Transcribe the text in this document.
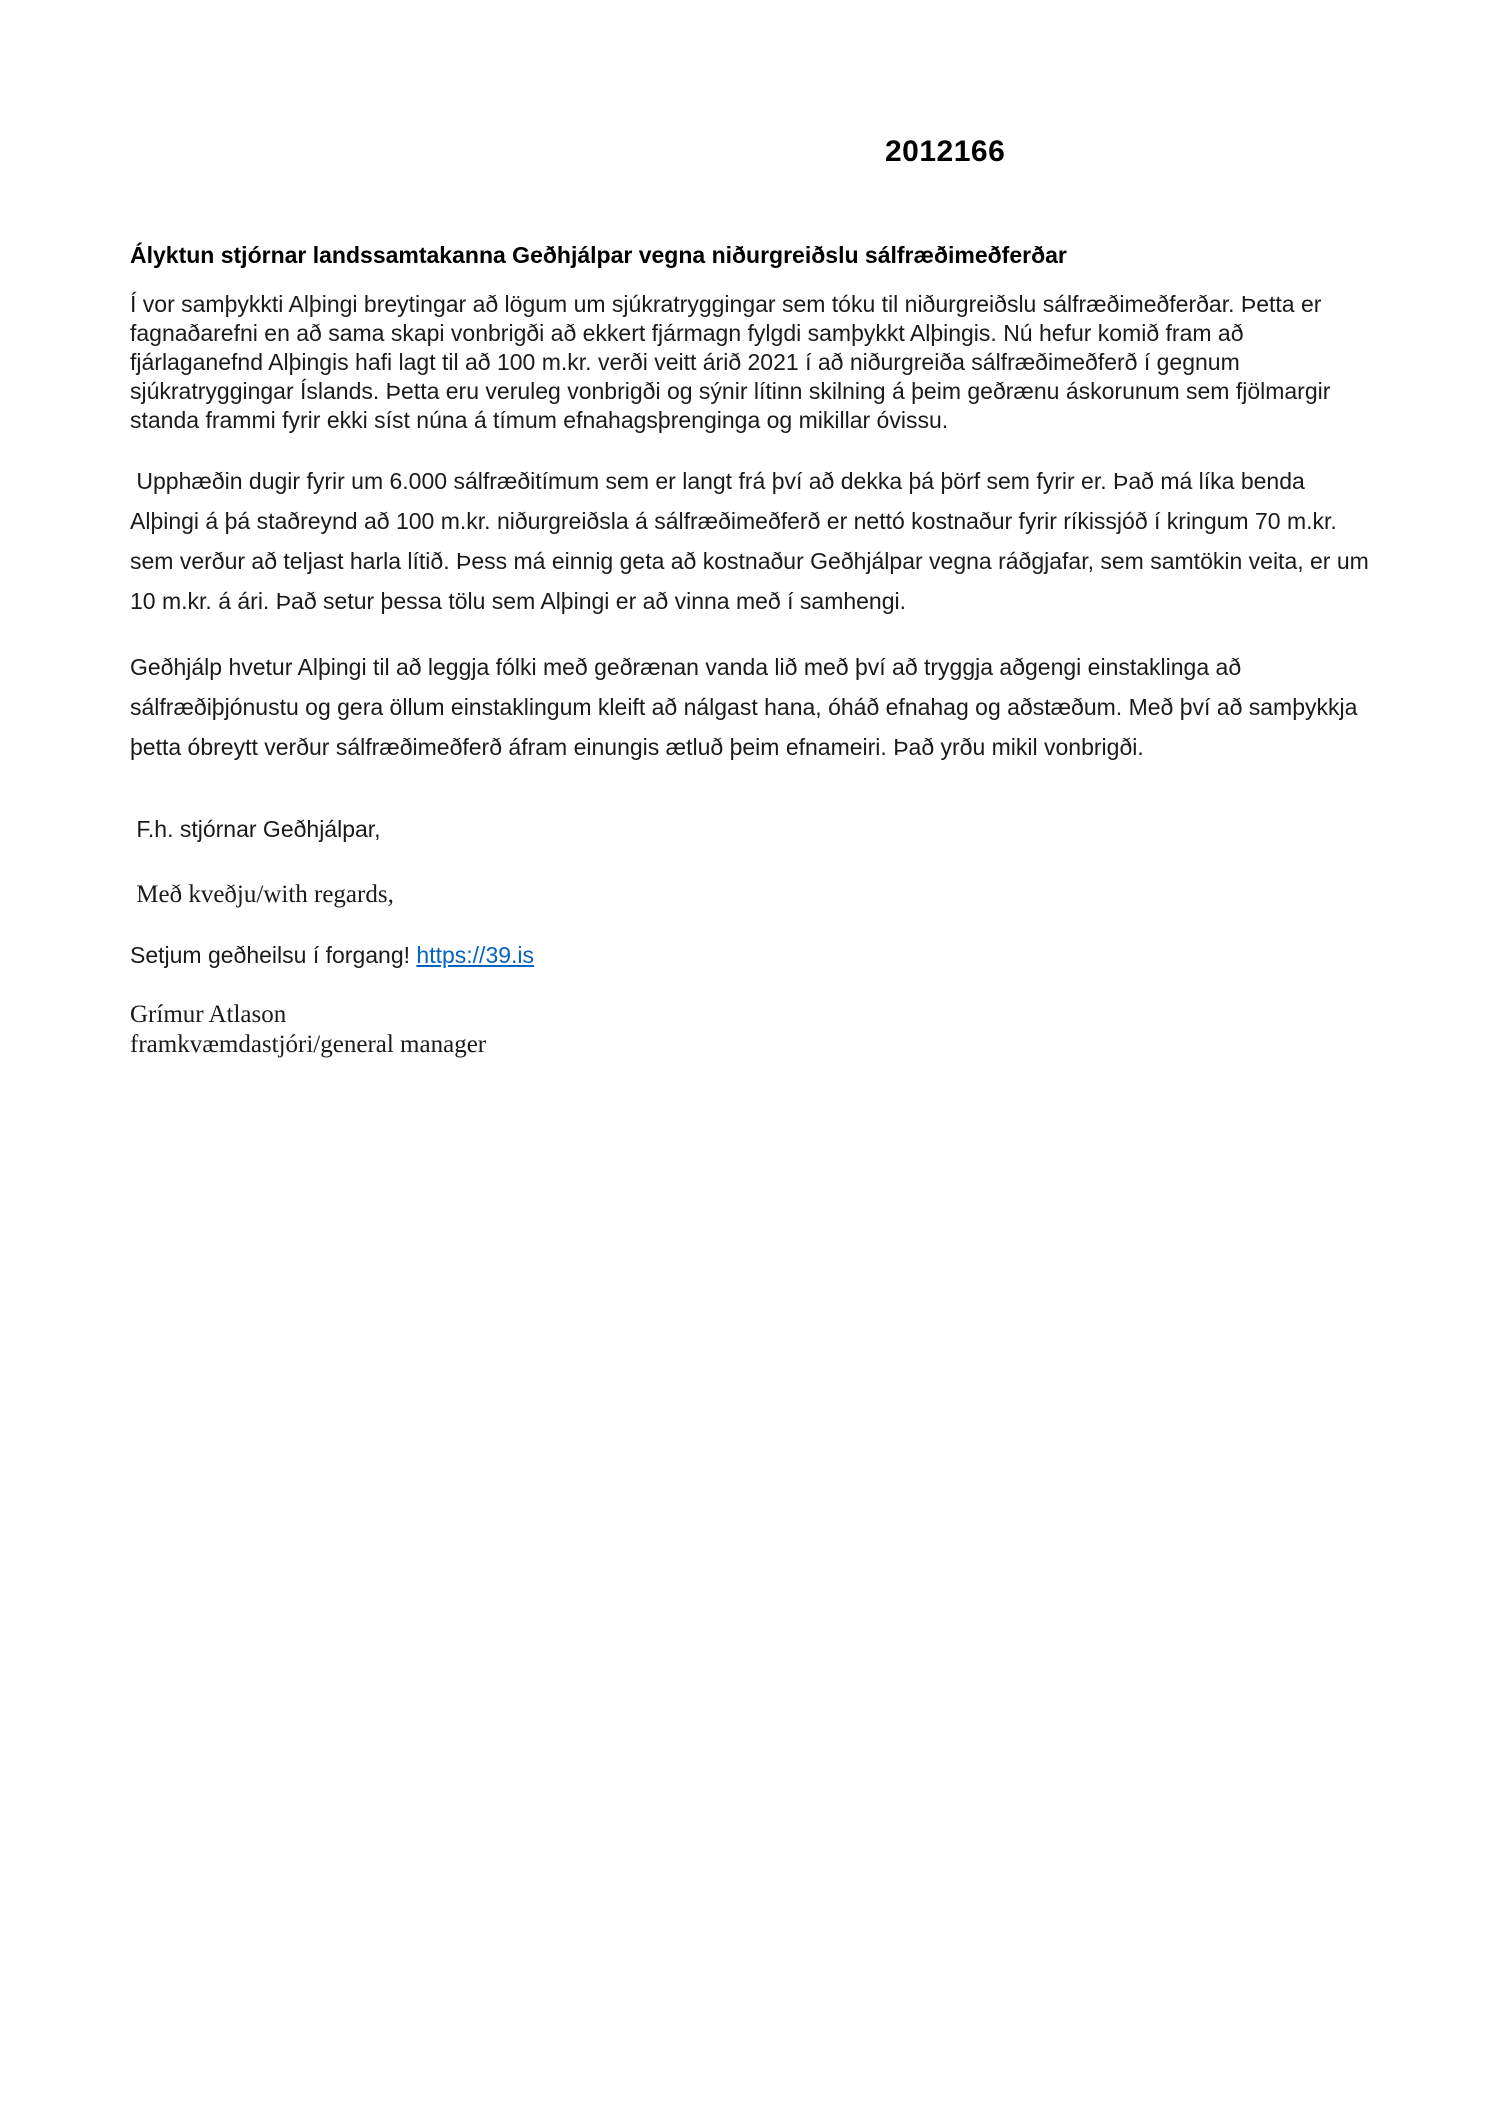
2012166
Ályktun stjórnar landssamtakanna Geðhjálpar vegna niðurgreiðslu sálfræðimeðferðar

Í vor samþykkti Alþingi breytingar að lögum um sjúkratryggingar sem tóku til niðurgreiðslu sálfræðimeðferðar. Þetta er fagnaðarefni en að sama skapi vonbrigði að ekkert fjármagn fylgdi samþykkt Alþingis. Nú hefur komið fram að fjárlaganefnd Alþingis hafi lagt til að 100 m.kr. verði veitt árið 2021 í að niðurgreiða sálfræðimeðferð í gegnum sjúkratryggingar Íslands. Þetta eru veruleg vonbrigði og sýnir lítinn skilning á þeim geðrænu áskorunum sem fjölmargir standa frammi fyrir ekki síst núna á tímum efnahagsþrenginga og mikillar óvissu.

Upphæðin dugir fyrir um 6.000 sálfræðitímum sem er langt frá því að dekka þá þörf sem fyrir er. Það má líka benda Alþingi á þá staðreynd að 100 m.kr. niðurgreiðsla á sálfræðimeðferð er nettó kostnaður fyrir ríkissjóð í kringum 70 m.kr. sem verður að teljast harla lítið. Þess má einnig geta að kostnaður Geðhjálpar vegna ráðgjafar, sem samtökin veita, er um 10 m.kr. á ári. Það setur þessa tölu sem Alþingi er að vinna með í samhengi.

Geðhjálp hvetur Alþingi til að leggja fólki með geðrænan vanda lið með því að tryggja aðgengi einstaklinga að sálfræðiþjónustu og gera öllum einstaklingum kleift að nálgast hana, óháð efnahag og aðstæðum. Með því að samþykkja þetta óbreytt verður sálfræðimeðferð áfram einungis ætluð þeim efnameiri. Það yrðu mikil vonbrigði.

F.h. stjórnar Geðhjálpar,

Með kveðju/with regards,

Setjum geðheilsu í forgang! https://39.is

Grímur Atlason
framkvæmdastjóri/general manager
